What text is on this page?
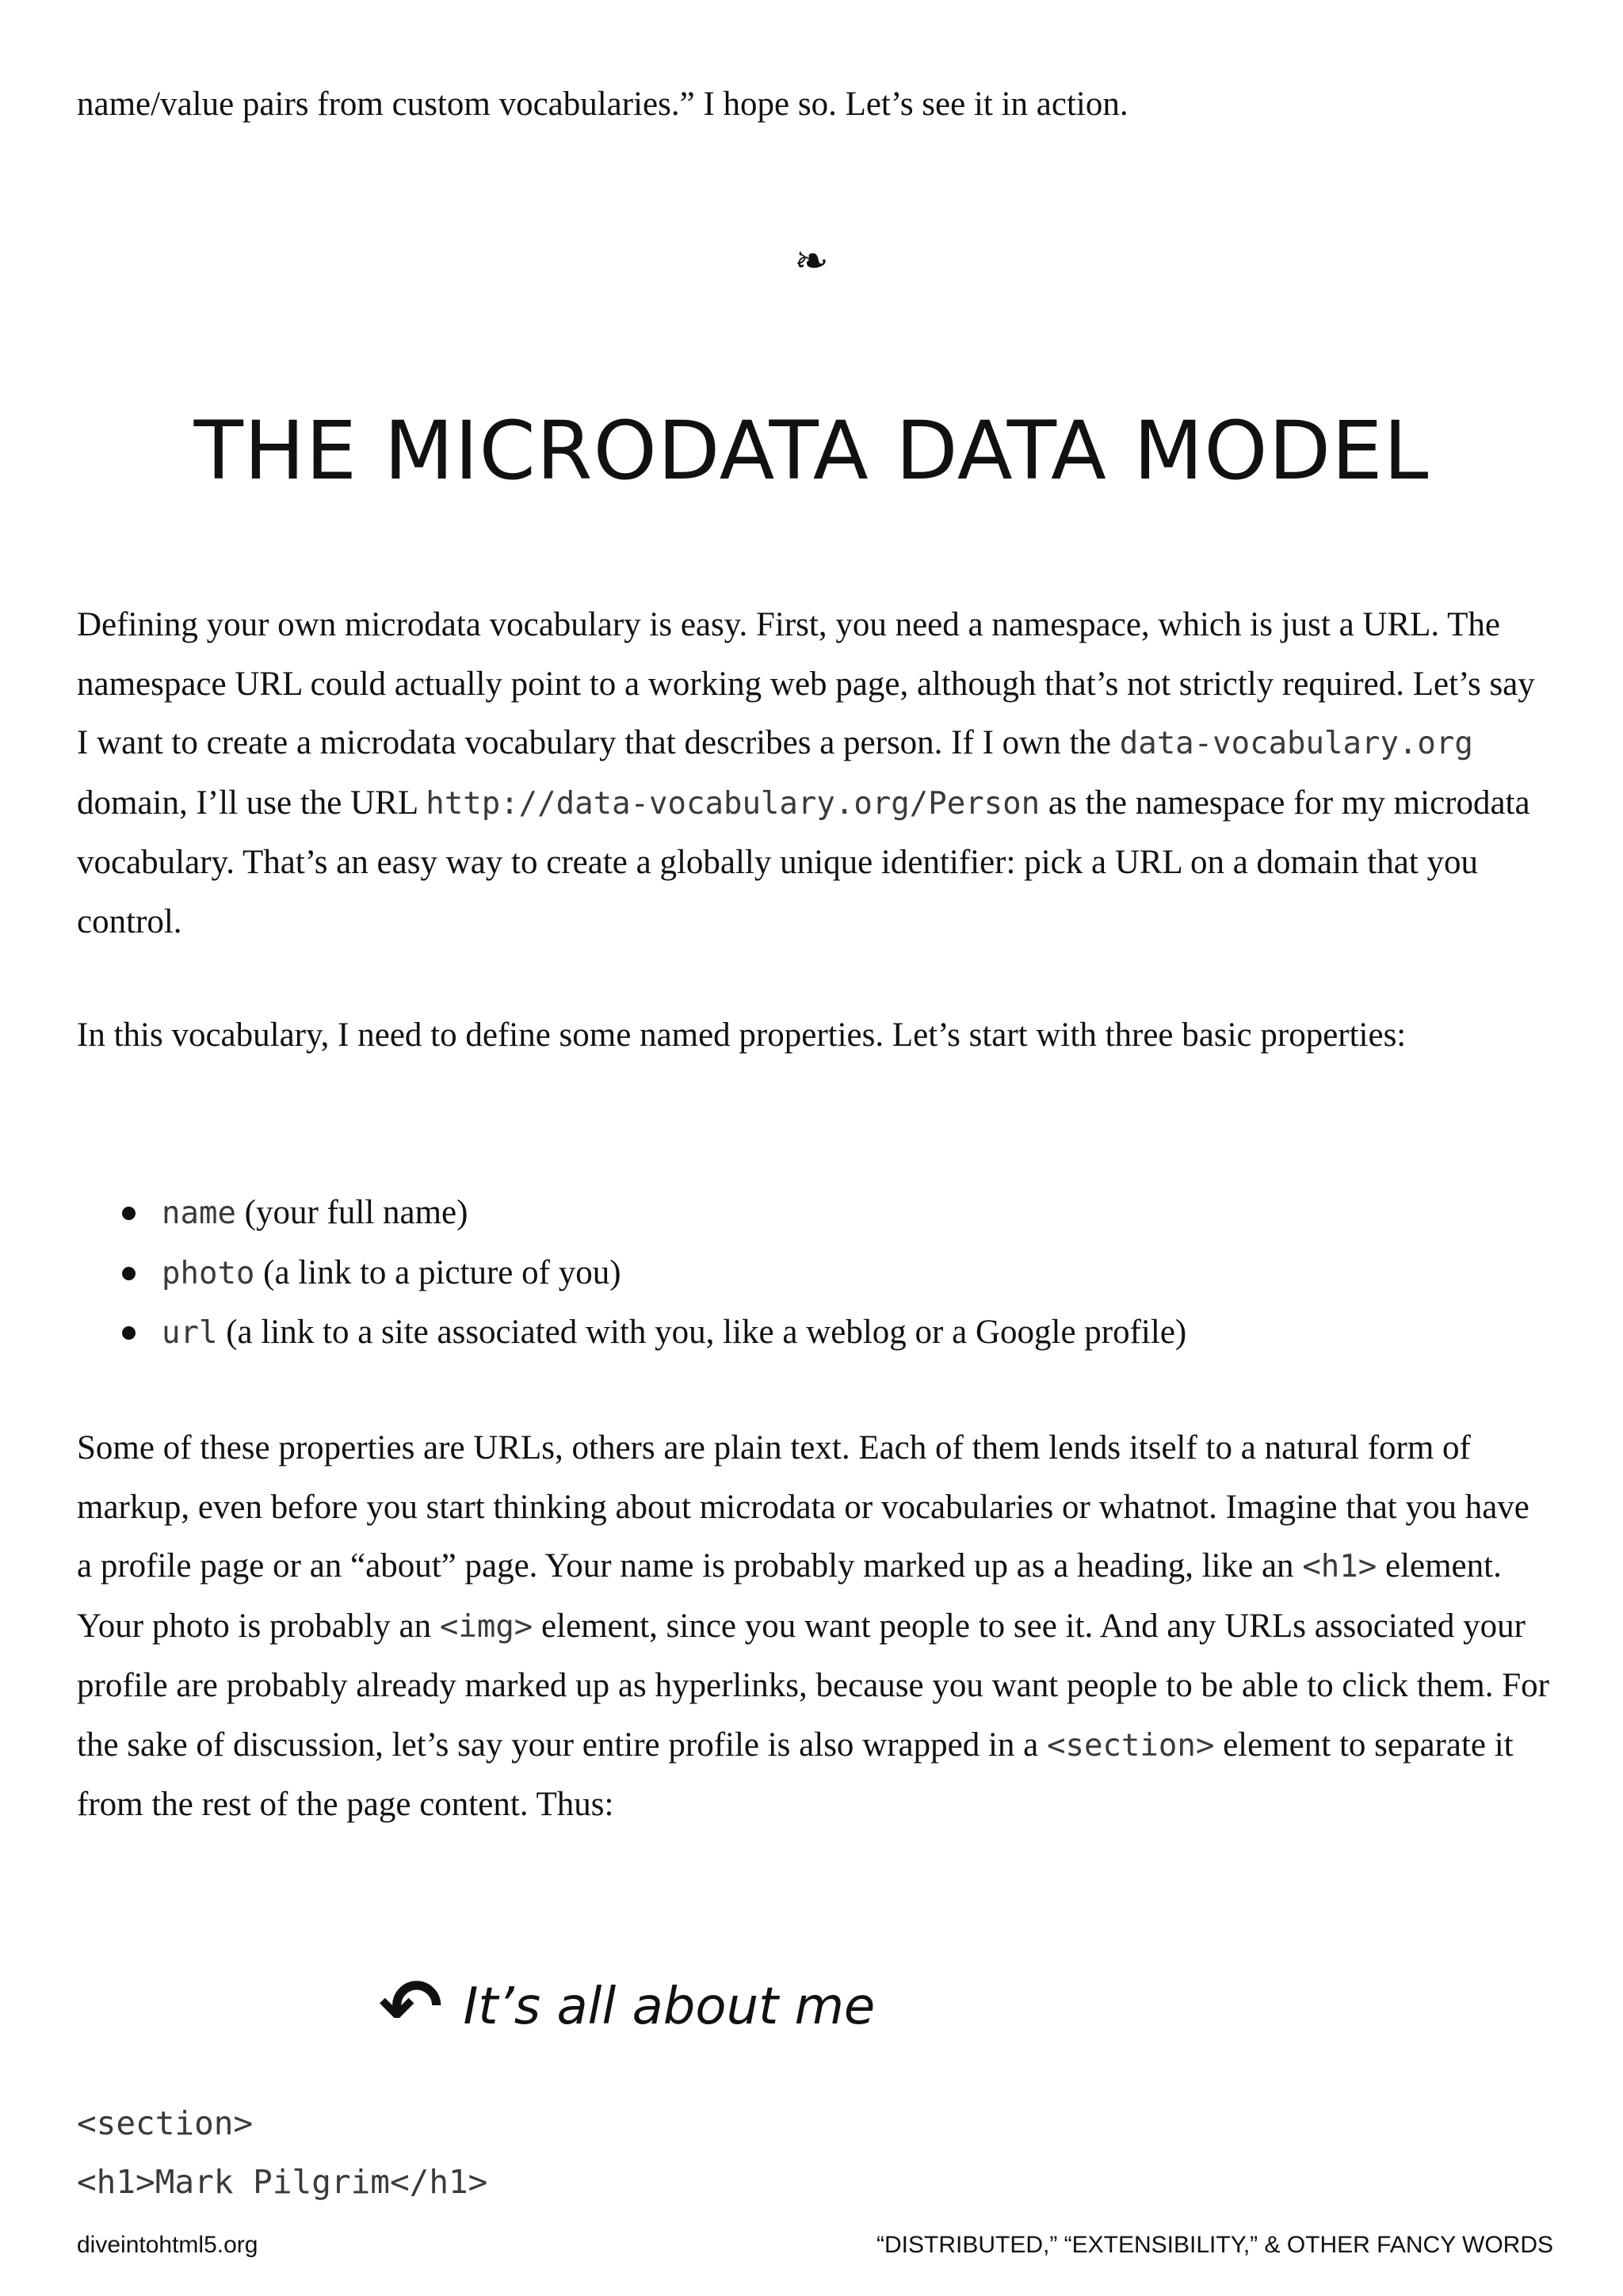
name/value pairs from custom vocabularies.” I hope so. Let’s see it in action.

❧
THE MICRODATA DATA MODEL

Defining your own microdata vocabulary is easy. First, you need a namespace, which is just a URL. The namespace URL could actually point to a working web page, although that’s not strictly required. Let’s say I want to create a microdata vocabulary that describes a person. If I own the data-vocabulary.org domain, I’ll use the URL http://data-vocabulary.org/Person as the namespace for my microdata vocabulary. That’s an easy way to create a globally unique identifier: pick a URL on a domain that you control.

In this vocabulary, I need to define some named properties. Let’s start with three basic properties:

name (your full name)
photo (a link to a picture of you)
url (a link to a site associated with you, like a weblog or a Google profile)

Some of these properties are URLs, others are plain text. Each of them lends itself to a natural form of markup, even before you start thinking about microdata or vocabularies or whatnot. Imagine that you have a profile page or an “about” page. Your name is probably marked up as a heading, like an <h1> element. Your photo is probably an <img> element, since you want people to see it. And any URLs associated your profile are probably already marked up as hyperlinks, because you want people to be able to click them. For the sake of discussion, let’s say your entire profile is also wrapped in a <section> element to separate it from the rest of the page content. Thus:

↶ It’s all about me
<section>
<h1>Mark Pilgrim</h1>
diveintohtml5.org	“DISTRIBUTED,” “EXTENSIBILITY,” & OTHER FANCY WORDS
